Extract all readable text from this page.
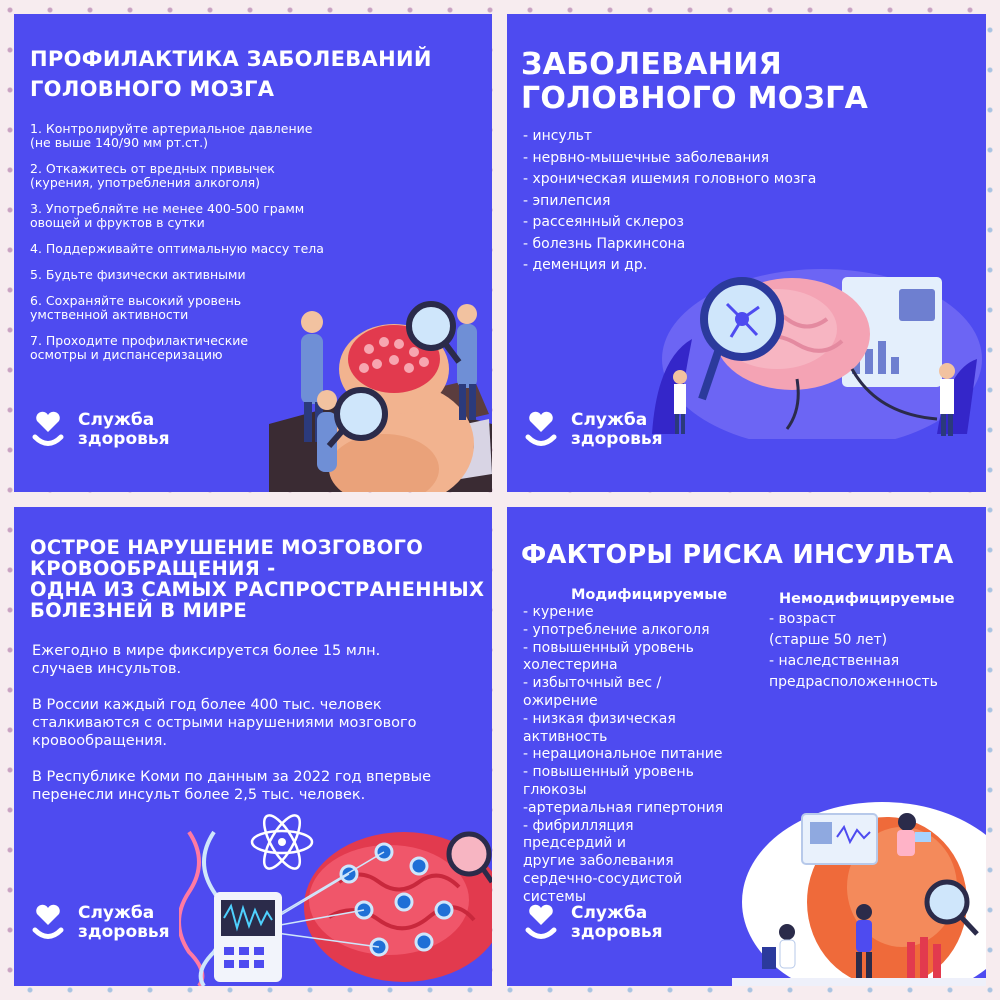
ПРОФИЛАКТИКА ЗАБОЛЕВАНИЙ
ГОЛОВНОГО МОЗГА
1. Контролируйте артериальное давление
(не выше 140/90 мм рт.ст.)
2. Откажитесь от вредных привычек
(курения, употребления алкоголя)
3. Употребляйте не менее 400-500 грамм
овощей и фруктов в сутки
4. Поддерживайте оптимальную массу тела
5. Будьте физически активными
6. Сохраняйте высокий уровень
умственной активности
7. Проходите профилактические
осмотры и диспансеризацию
Служба
здоровья
ЗАБОЛЕВАНИЯ
ГОЛОВНОГО МОЗГА
- инсульт
- нервно-мышечные заболевания
- хроническая ишемия головного мозга
- эпилепсия
- рассеянный склероз
- болезнь Паркинсона
- деменция и др.
Служба
здоровья
ОСТРОЕ НАРУШЕНИЕ МОЗГОВОГО
КРОВООБРАЩЕНИЯ -
ОДНА ИЗ САМЫХ РАСПРОСТРАНЕННЫХ
БОЛЕЗНЕЙ В МИРЕ

Ежегодно в мире фиксируется более 15 млн.
случаев инсультов.

В России каждый год более 400 тыс. человек
сталкиваются с острыми нарушениями мозгового
кровообращения.

В Республике Коми по данным за 2022 год впервые
перенесли инсульт более 2,5 тыс. человек.

Служба
здоровья
ФАКТОРЫ РИСКА ИНСУЛЬТА
Модифицируемые
- курение
- употребление алкоголя
- повышенный уровень
холестерина
- избыточный вес /
ожирение
- низкая физическая
активность
- нерациональное питание
- повышенный уровень
глюкозы
-артериальная гипертония
- фибрилляция
предсердий и
другие заболевания
сердечно-сосудистой
системы
Немодифицируемые
- возраст
(старше 50 лет)
- наследственная
предрасположенность
Служба
здоровья
